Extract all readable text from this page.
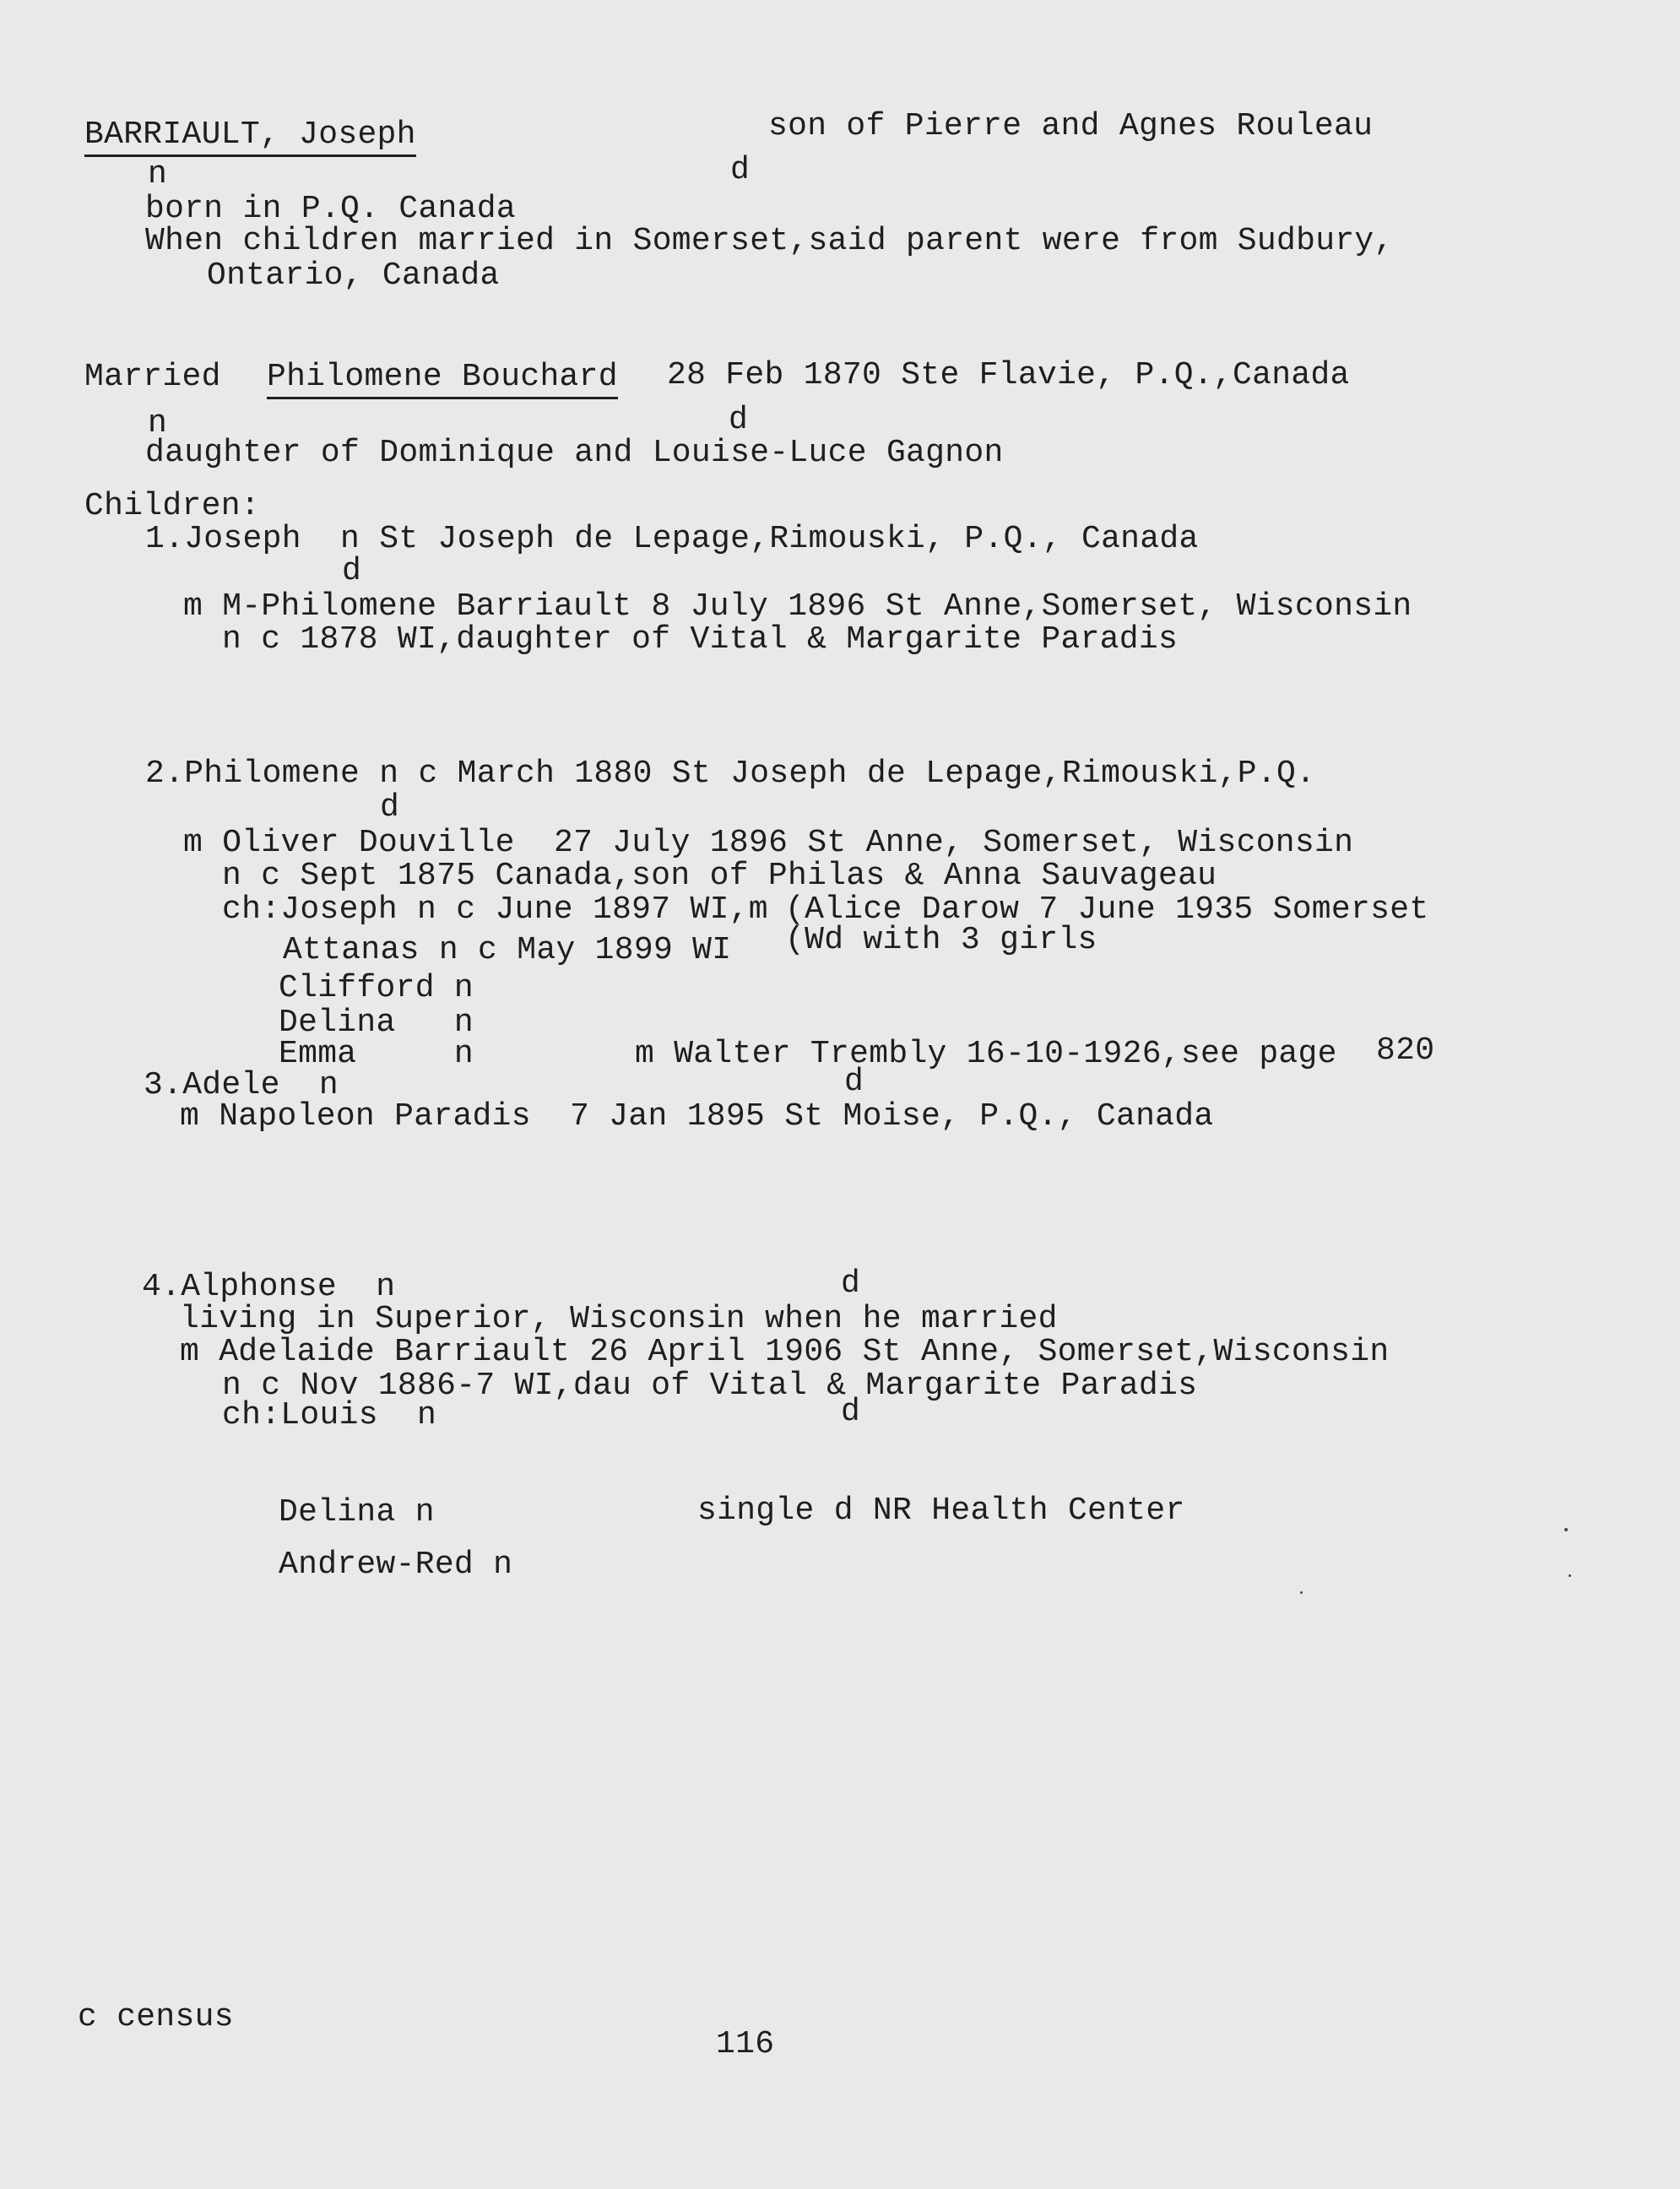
BARRIAULT, Joseph	son of Pierre and Agnes Rouleau
n	d
born in P.Q. Canada
When children married in Somerset,said parent were from Sudbury,
Ontario, Canada
Married Philomene Bouchard 28 Feb 1870 Ste Flavie, P.Q.,Canada
n	d
daughter of Dominique and Louise-Luce Gagnon
Children:
1.Joseph  n St Joseph de Lepage,Rimouski, P.Q., Canada
d
m M-Philomene Barriault 8 July 1896 St Anne,Somerset, Wisconsin
n c 1878 WI,daughter of Vital & Margarite Paradis
2.Philomene n c March 1880 St Joseph de Lepage,Rimouski,P.Q.
d
m Oliver Douville  27 July 1896 St Anne, Somerset, Wisconsin
n c Sept 1875 Canada,son of Philas & Anna Sauvageau
ch:Joseph n c June 1897 WI,m (Alice Darow 7 June 1935 Somerset
(Wd with 3 girls
Attanas n c May 1899 WI
Clifford n
Delina   n
Emma     n	m Walter Trembly 16-10-1926,see page 820
3.Adele  n	d
m Napoleon Paradis  7 Jan 1895 St Moise, P.Q., Canada
4.Alphonse  n	d
living in Superior, Wisconsin when he married
m Adelaide Barriault 26 April 1906 St Anne, Somerset,Wisconsin
n c Nov 1886-7 WI,dau of Vital & Margarite Paradis
ch:Louis  n	d
Delina n	single d NR Health Center
Andrew-Red n
c census
116
